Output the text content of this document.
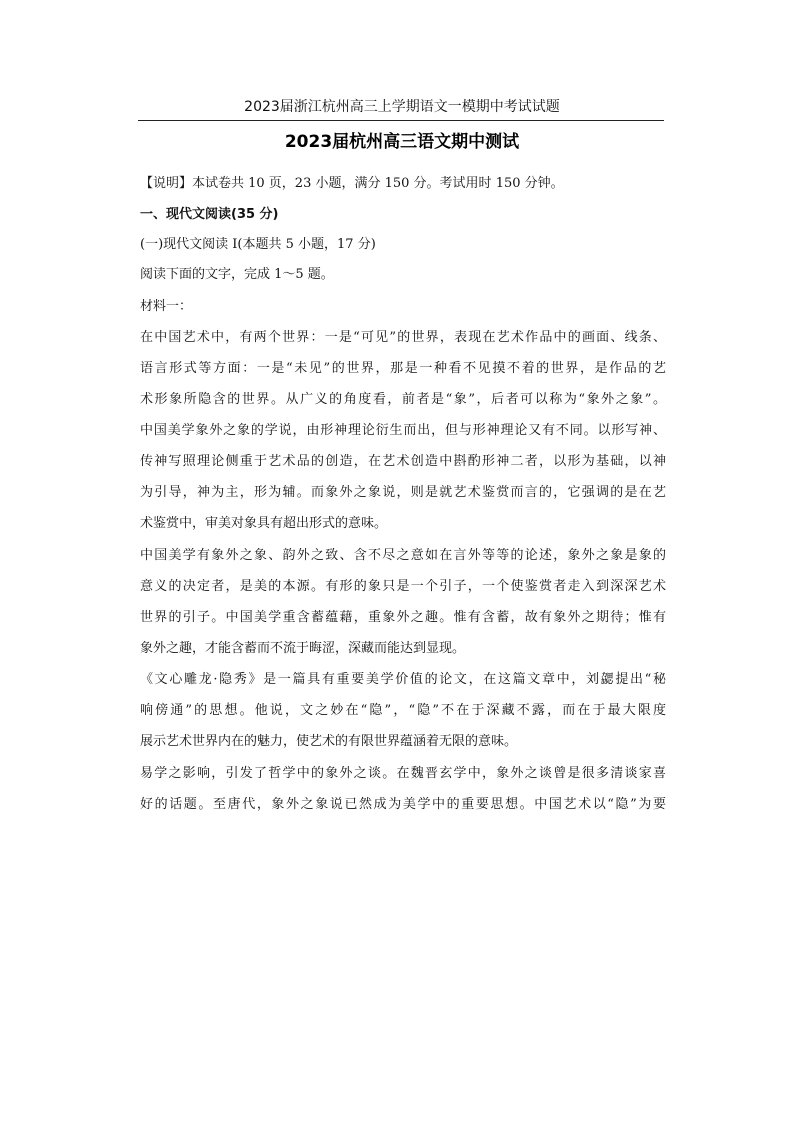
2023届浙江杭州高三上学期语文一模期中考试试题
2023届杭州高三语文期中测试
【说明】本试卷共 10 页，23 小题，满分 150 分。考试用时 150 分钟。
一、现代文阅读(35 分)
(一)现代文阅读 I(本题共 5 小题，17 分)
阅读下面的文字，完成 1～5 题。
材料一：
在中国艺术中，有两个世界：一是“可见”的世界，表现在艺术作品中的画面、线条、
语言形式等方面：一是“未见”的世界，那是一种看不见摸不着的世界，是作品的艺
术形象所隐含的世界。从广义的角度看，前者是“象”，后者可以称为“象外之象”。
中国美学象外之象的学说，由形神理论衍生而出，但与形神理论又有不同。以形写神、
传神写照理论侧重于艺术品的创造，在艺术创造中斟酌形神二者，以形为基础，以神
为引导，神为主，形为辅。而象外之象说，则是就艺术鉴赏而言的，它强调的是在艺
术鉴赏中，审美对象具有超出形式的意味。
中国美学有象外之象、韵外之致、含不尽之意如在言外等等的论述，象外之象是象的
意义的决定者，是美的本源。有形的象只是一个引子，一个使鉴赏者走入到深深艺术
世界的引子。中国美学重含蓄蕴藉，重象外之趣。惟有含蓄，故有象外之期待；惟有
象外之趣，才能含蓄而不流于晦涩，深藏而能达到显现。
《文心雕龙·隐秀》是一篇具有重要美学价值的论文，在这篇文章中，刘勰提出“秘
响傍通”的思想。他说，文之妙在“隐”，“隐”不在于深藏不露，而在于最大限度
展示艺术世界内在的魅力，使艺术的有限世界蕴涵着无限的意味。
易学之影响，引发了哲学中的象外之谈。在魏晋玄学中，象外之谈曾是很多清谈家喜
好的话题。至唐代，象外之象说已然成为美学中的重要思想。中国艺术以“隐”为要
